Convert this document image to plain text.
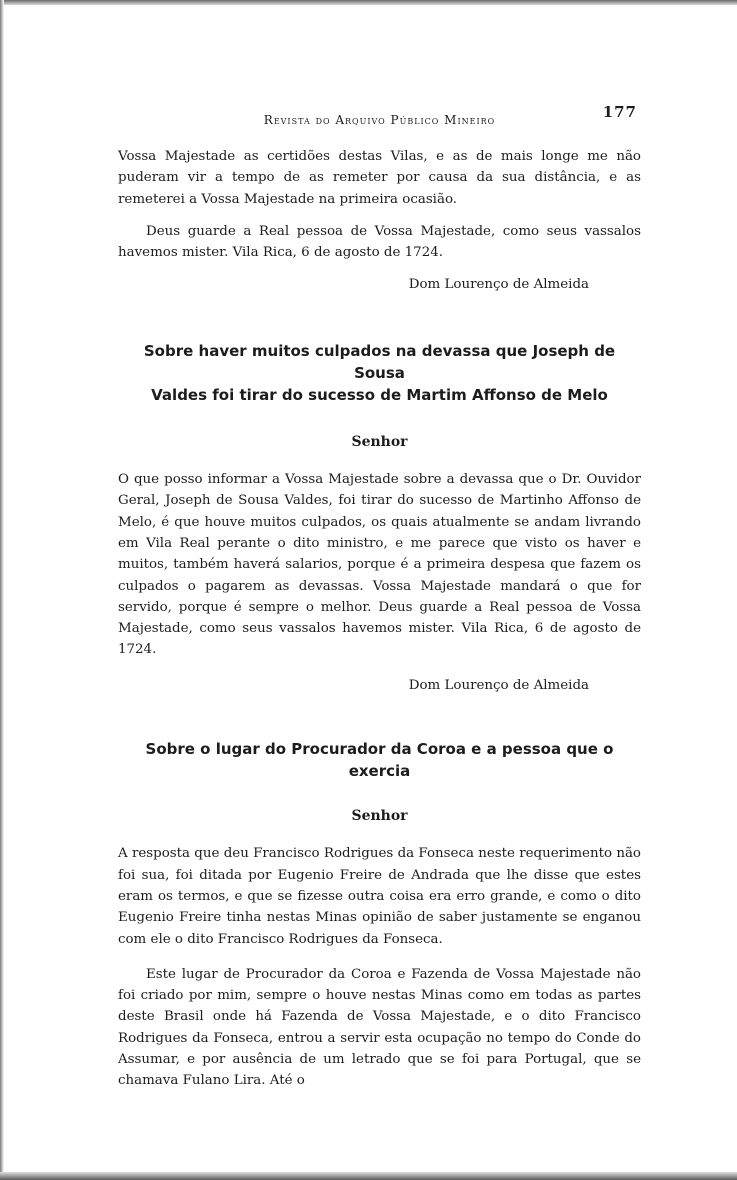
Revista do Arquivo Público Mineiro	177

Vossa Majestade as certidões destas Vilas, e as de mais longe me não puderam vir a tempo de as remeter por causa da sua distância, e as remeterei a Vossa Majestade na primeira ocasião.

Deus guarde a Real pessoa de Vossa Majestade, como seus vassalos havemos mister. Vila Rica, 6 de agosto de 1724.

Dom Lourenço de Almeida

Sobre haver muitos culpados na devassa que Joseph de Sousa
Valdes foi tirar do sucesso de Martim Affonso de Melo

Senhor

O que posso informar a Vossa Majestade sobre a devassa que o Dr. Ouvidor Geral, Joseph de Sousa Valdes, foi tirar do sucesso de Martinho Affonso de Melo, é que houve muitos culpados, os quais atualmente se andam livrando em Vila Real perante o dito ministro, e me parece que visto os haver e muitos, também haverá salarios, porque é a primeira despesa que fazem os culpados o pagarem as devassas. Vossa Majestade mandará o que for servido, porque é sempre o melhor. Deus guarde a Real pessoa de Vossa Majestade, como seus vassalos havemos mister. Vila Rica, 6 de agosto de 1724.

Dom Lourenço de Almeida

Sobre o lugar do Procurador da Coroa e a pessoa que o exercia

Senhor

A resposta que deu Francisco Rodrigues da Fonseca neste requerimento não foi sua, foi ditada por Eugenio Freire de Andrada que lhe disse que estes eram os termos, e que se fizesse outra coisa era erro grande, e como o dito Eugenio Freire tinha nestas Minas opinião de saber justamente se enganou com ele o dito Francisco Rodrigues da Fonseca.

Este lugar de Procurador da Coroa e Fazenda de Vossa Majestade não foi criado por mim, sempre o houve nestas Minas como em todas as partes deste Brasil onde há Fazenda de Vossa Majestade, e o dito Francisco Rodrigues da Fonseca, entrou a servir esta ocupação no tempo do Conde do Assumar, e por ausência de um letrado que se foi para Portugal, que se chamava Fulano Lira. Até o
